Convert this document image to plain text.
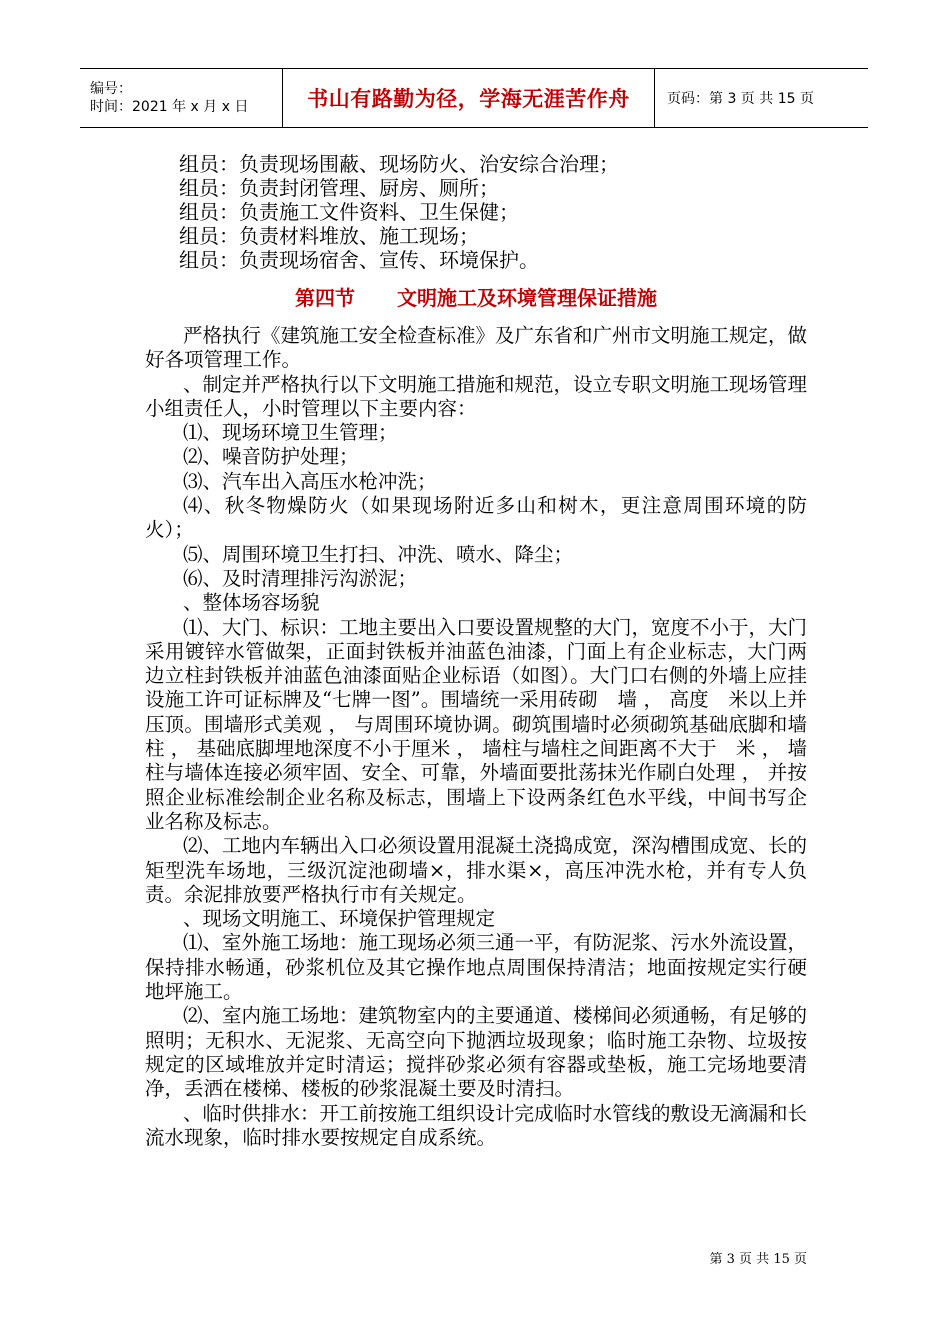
编号：
时间：2021 年 x 月 x 日	书山有路勤为径，学海无涯苦作舟	页码：第 3 页 共 15 页

组员：负责现场围蔽、现场防火、治安综合治理；

组员：负责封闭管理、厨房、厕所；

组员：负责施工文件资料、卫生保健；

组员：负责材料堆放、施工现场；

组员：负责现场宿舍、宣传、环境保护。

第四节 文明施工及环境管理保证措施

严格执行《建筑施工安全检查标准》及广东省和广州市文明施工规定，做好各项管理工作。

、制定并严格执行以下文明施工措施和规范，设立专职文明施工现场管理小组责任人，小时管理以下主要内容：

⑴、现场环境卫生管理；

⑵、噪音防护处理；

⑶、汽车出入高压水枪冲洗；

⑷、秋冬物燥防火（如果现场附近多山和树木，更注意周围环境的防火）；

⑸、周围环境卫生打扫、冲洗、喷水、降尘；

⑹、及时清理排污沟淤泥；

、整体场容场貌

⑴、大门、标识：工地主要出入口要设置规整的大门，宽度不小于，大门采用镀锌水管做架，正面封铁板并油蓝色油漆，门面上有企业标志，大门两边立柱封铁板并油蓝色油漆面贴企业标语（如图）。大门口右侧的外墙上应挂设施工许可证标牌及“七牌一图”。围墙统一采用砖砌　墙 ， 高度　米以上并压顶。围墙形式美观 ， 与周围环境协调。砌筑围墙时必须砌筑基础底脚和墙柱 ， 基础底脚埋地深度不小于厘米 ， 墙柱与墙柱之间距离不大于　米 ， 墙柱与墙体连接必须牢固、安全、可靠，外墙面要批荡抹光作刷白处理 ， 并按照企业标准绘制企业名称及标志，围墙上下设两条红色水平线，中间书写企业名称及标志。

⑵、工地内车辆出入口必须设置用混凝土浇捣成宽，深沟槽围成宽、长的矩型洗车场地，三级沉淀池砌墙×，排水渠×，高压冲洗水枪，并有专人负责。余泥排放要严格执行市有关规定。

、现场文明施工、环境保护管理规定

⑴、室外施工场地：施工现场必须三通一平，有防泥浆、污水外流设置，保持排水畅通，砂浆机位及其它操作地点周围保持清洁；地面按规定实行硬地坪施工。

⑵、室内施工场地：建筑物室内的主要通道、楼梯间必须通畅，有足够的照明；无积水、无泥浆、无高空向下抛洒垃圾现象；临时施工杂物、垃圾按规定的区域堆放并定时清运；搅拌砂浆必须有容器或垫板，施工完场地要清净，丢洒在楼梯、楼板的砂浆混凝土要及时清扫。

、临时供排水：开工前按施工组织设计完成临时水管线的敷设无滴漏和长流水现象，临时排水要按规定自成系统。

第 3 页 共 15 页
